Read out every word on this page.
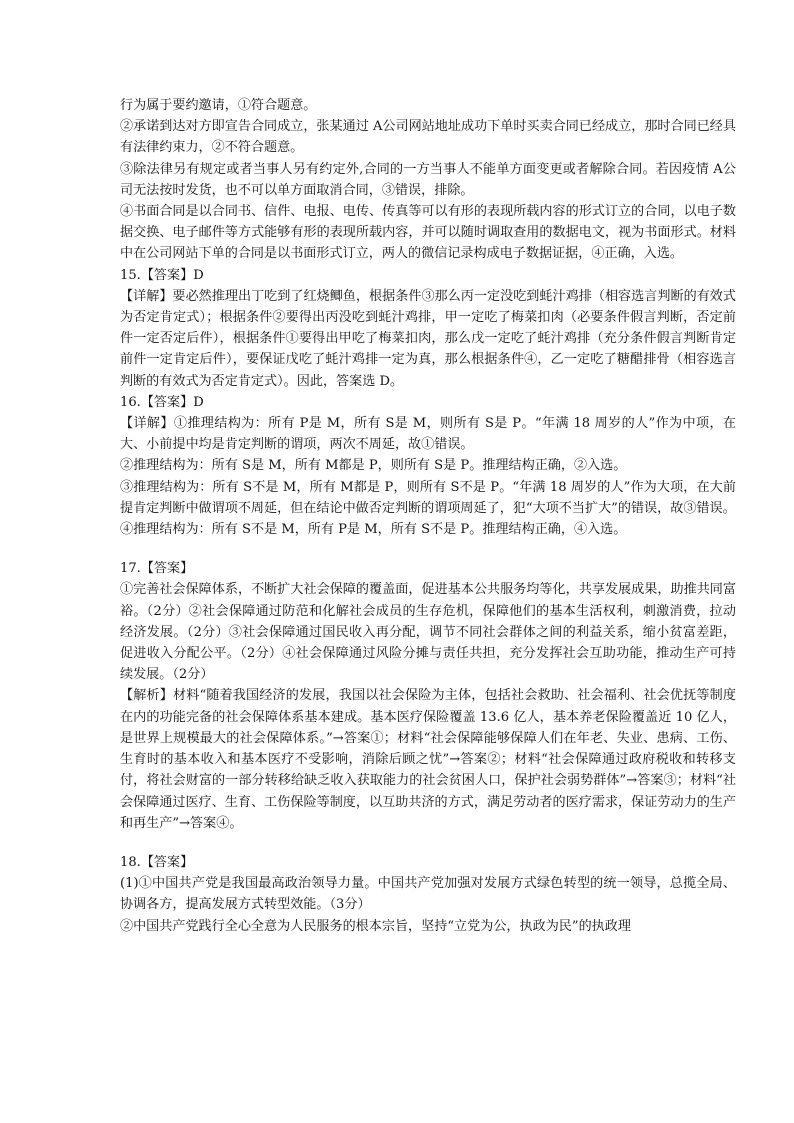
行为属于要约邀请，①符合题意。

②承诺到达对方即宣告合同成立，张某通过 A公司网站地址成功下单时买卖合同已经成立，那时合同已经具有法律约束力，②不符合题意。

③除法律另有规定或者当事人另有约定外,合同的一方当事人不能单方面变更或者解除合同。若因疫情 A公司无法按时发货，也不可以单方面取消合同，③错误，排除。

④书面合同是以合同书、信件、电报、电传、传真等可以有形的表现所载内容的形式订立的合同，以电子数据交换、电子邮件等方式能够有形的表现所载内容，并可以随时调取查用的数据电文，视为书面形式。材料中在公司网站下单的合同是以书面形式订立，两人的微信记录构成电子数据证据，④正确，入选。

15.【答案】D

【详解】要必然推理出丁吃到了红烧鲫鱼，根据条件③那么丙一定没吃到蚝汁鸡排（相容选言判断的有效式为否定肯定式）；根据条件②要得出丙没吃到蚝汁鸡排，甲一定吃了梅菜扣肉（必要条件假言判断，否定前件一定否定后件），根据条件①要得出甲吃了梅菜扣肉，那么戊一定吃了蚝汁鸡排（充分条件假言判断肯定前件一定肯定后件），要保证戊吃了蚝汁鸡排一定为真，那么根据条件④，乙一定吃了糖醋排骨（相容选言判断的有效式为否定肯定式）。因此，答案选 D。

16.【答案】D

【详解】①推理结构为：所有 P是 M，所有 S是 M，则所有 S是 P。“年满 18 周岁的人”作为中项，在大、小前提中均是肯定判断的谓项，两次不周延，故①错误。

②推理结构为：所有 S是 M，所有 M都是 P，则所有 S是 P。推理结构正确，②入选。

③推理结构为：所有 S不是 M，所有 M都是 P，则所有 S不是 P。“年满 18 周岁的人”作为大项，在大前提肯定判断中做谓项不周延，但在结论中做否定判断的谓项周延了，犯“大项不当扩大”的错误，故③错误。

④推理结构为：所有 S不是 M，所有 P是 M，所有 S不是 P。推理结构正确，④入选。

17.【答案】

①完善社会保障体系，不断扩大社会保障的覆盖面，促进基本公共服务均等化，共享发展成果，助推共同富裕。（2分）②社会保障通过防范和化解社会成员的生存危机，保障他们的基本生活权利，刺激消费，拉动经济发展。（2分）③社会保障通过国民收入再分配，调节不同社会群体之间的利益关系，缩小贫富差距，促进收入分配公平。（2分）④社会保障通过风险分摊与责任共担，充分发挥社会互助功能，推动生产可持续发展。（2分）

【解析】材料“随着我国经济的发展，我国以社会保险为主体，包括社会救助、社会福利、社会优抚等制度在内的功能完备的社会保障体系基本建成。基本医疗保险覆盖 13.6 亿人，基本养老保险覆盖近 10 亿人，是世界上规模最大的社会保障体系。”→答案①；材料“社会保障能够保障人们在年老、失业、患病、工伤、生育时的基本收入和基本医疗不受影响，消除后顾之忧”→答案②；材料“社会保障通过政府税收和转移支付，将社会财富的一部分转移给缺乏收入获取能力的社会贫困人口，保护社会弱势群体”→答案③；材料“社会保障通过医疗、生育、工伤保险等制度，以互助共济的方式，满足劳动者的医疗需求，保证劳动力的生产和再生产”→答案④。

18.【答案】

(1)①中国共产党是我国最高政治领导力量。中国共产党加强对发展方式绿色转型的统一领导，总揽全局、协调各方，提高发展方式转型效能。（3分）

②中国共产党践行全心全意为人民服务的根本宗旨，坚持“立党为公，执政为民”的执政理
